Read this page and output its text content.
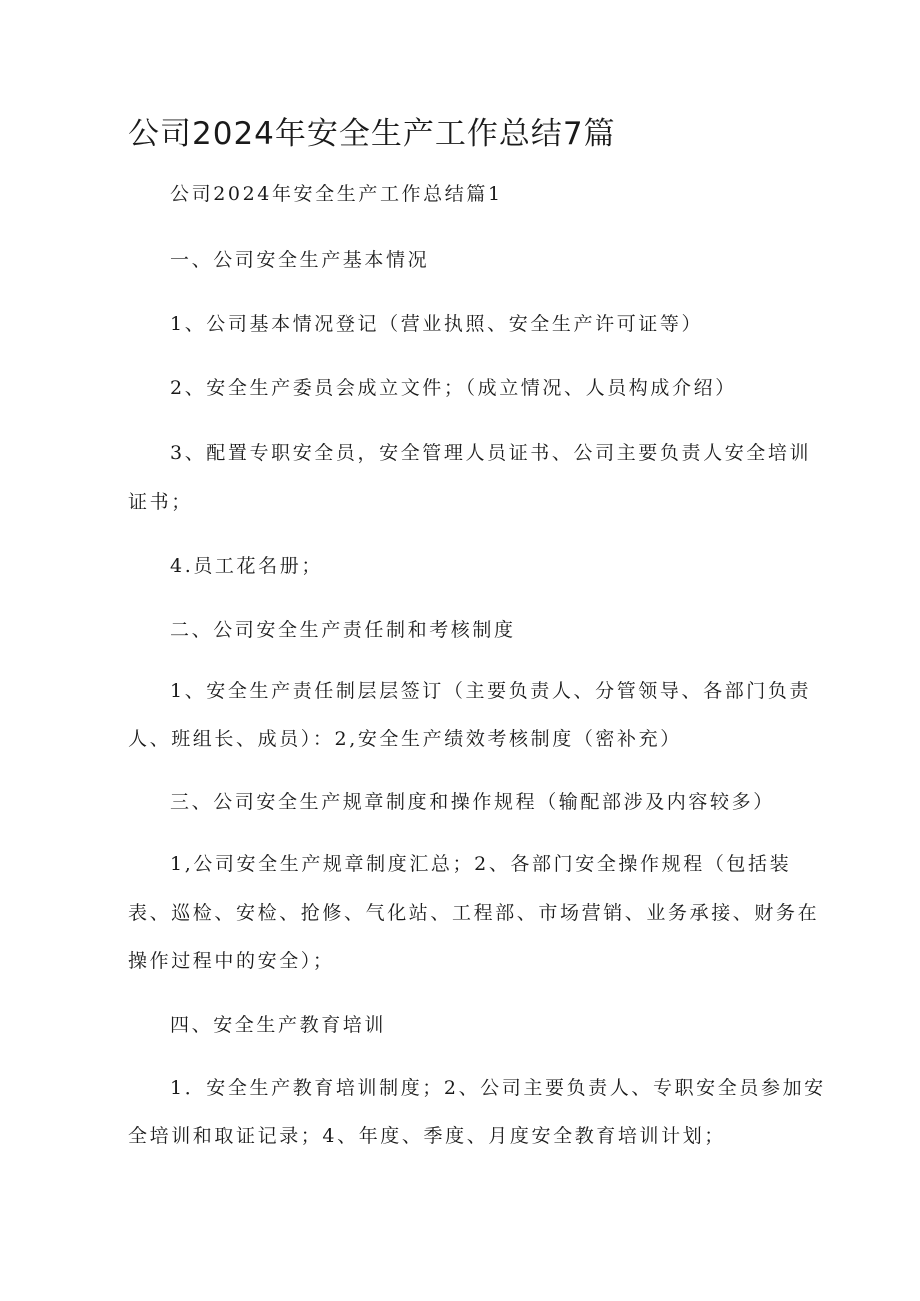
公司2024年安全生产工作总结7篇

公司2024年安全生产工作总结篇1

一、公司安全生产基本情况

1、公司基本情况登记（营业执照、安全生产许可证等）

2、安全生产委员会成立文件；（成立情况、人员构成介绍）

3、配置专职安全员，安全管理人员证书、公司主要负责人安全培训

证书；

4.员工花名册；

二、公司安全生产责任制和考核制度

1、安全生产责任制层层签订（主要负责人、分管领导、各部门负责

人、班组长、成员）：2,安全生产绩效考核制度（密补充）

三、公司安全生产规章制度和操作规程（输配部涉及内容较多）

1,公司安全生产规章制度汇总；2、各部门安全操作规程（包括装

表、巡检、安检、抢修、气化站、工程部、市场营销、业务承接、财务在

操作过程中的安全）；

四、安全生产教育培训

1．安全生产教育培训制度；2、公司主要负责人、专职安全员参加安

全培训和取证记录；4、年度、季度、月度安全教育培训计划；
